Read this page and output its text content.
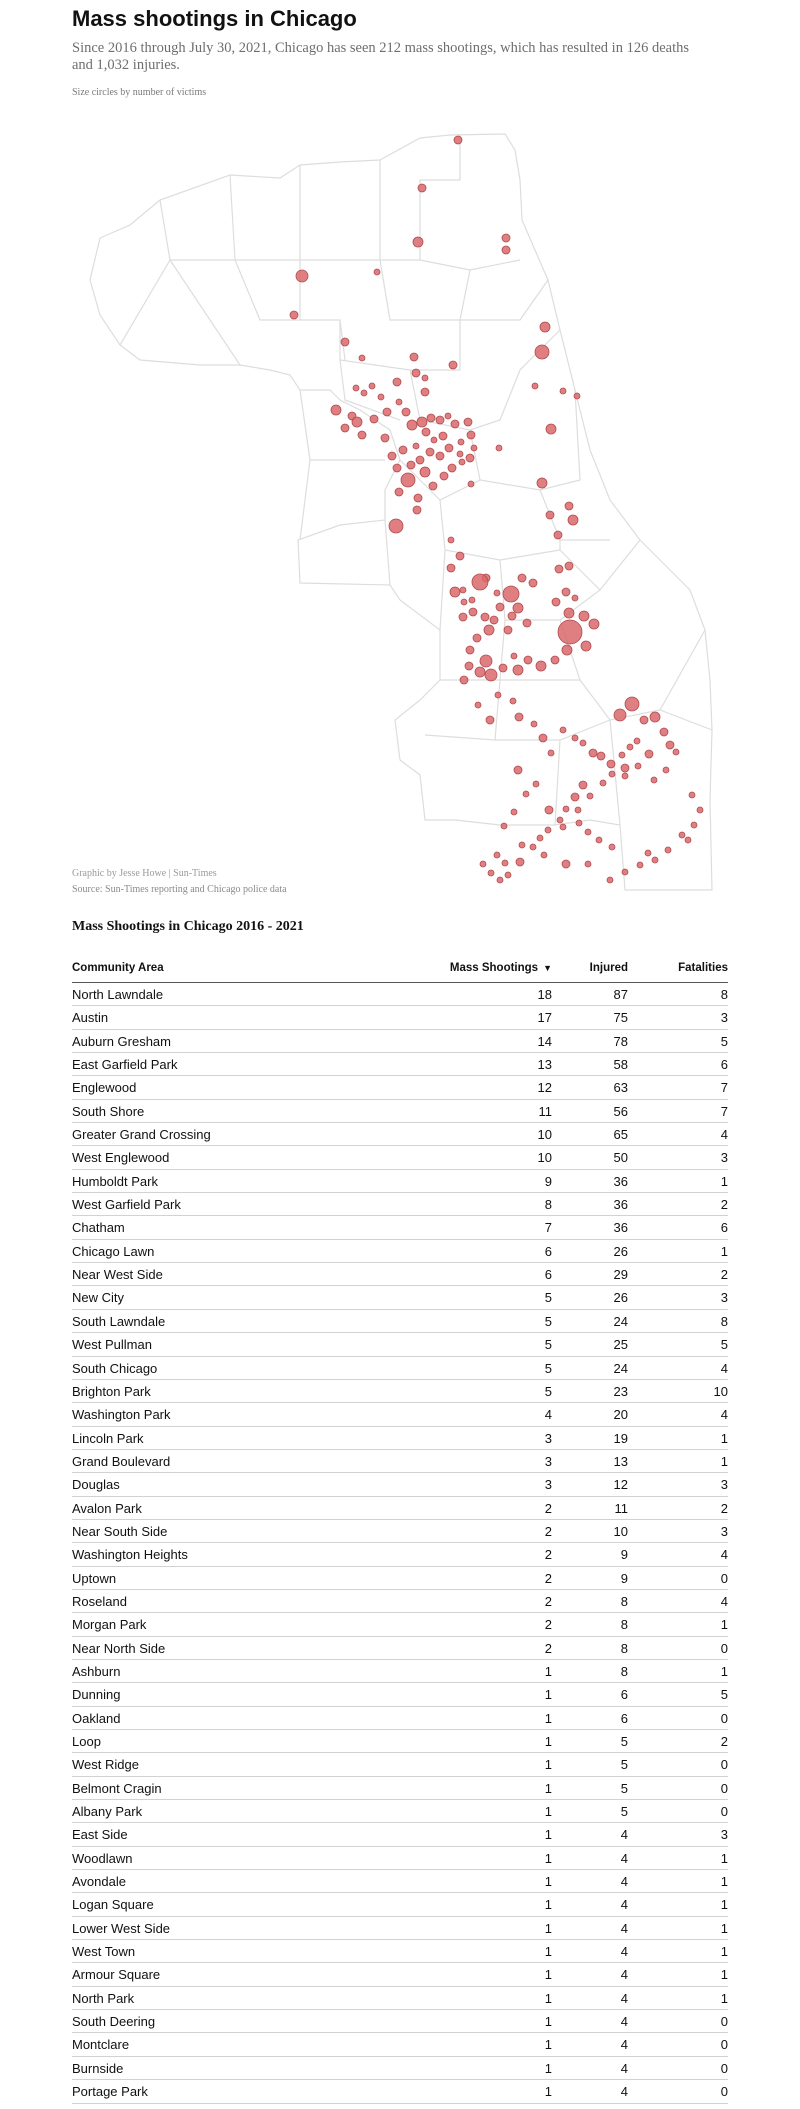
Mass shootings in Chicago

Since 2016 through July 30, 2021, Chicago has seen 212 mass shootings, which has resulted in 126 deaths and 1,032 injuries.

Size circles by number of victims

Graphic by Jesse Howe | Sun-Times

Source: Sun-Times reporting and Chicago police data

Mass Shootings in Chicago 2016 - 2021
Community Area	Mass Shootings ▼	Injured	Fatalities
North Lawndale	18	87	8
Austin	17	75	3
Auburn Gresham	14	78	5
East Garfield Park	13	58	6
Englewood	12	63	7
South Shore	11	56	7
Greater Grand Crossing	10	65	4
West Englewood	10	50	3
Humboldt Park	9	36	1
West Garfield Park	8	36	2
Chatham	7	36	6
Chicago Lawn	6	26	1
Near West Side	6	29	2
New City	5	26	3
South Lawndale	5	24	8
West Pullman	5	25	5
South Chicago	5	24	4
Brighton Park	5	23	10
Washington Park	4	20	4
Lincoln Park	3	19	1
Grand Boulevard	3	13	1
Douglas	3	12	3
Avalon Park	2	11	2
Near South Side	2	10	3
Washington Heights	2	9	4
Uptown	2	9	0
Roseland	2	8	4
Morgan Park	2	8	1
Near North Side	2	8	0
Ashburn	1	8	1
Dunning	1	6	5
Oakland	1	6	0
Loop	1	5	2
West Ridge	1	5	0
Belmont Cragin	1	5	0
Albany Park	1	5	0
East Side	1	4	3
Woodlawn	1	4	1
Avondale	1	4	1
Logan Square	1	4	1
Lower West Side	1	4	1
West Town	1	4	1
Armour Square	1	4	1
North Park	1	4	1
South Deering	1	4	0
Montclare	1	4	0
Burnside	1	4	0
Portage Park	1	4	0
